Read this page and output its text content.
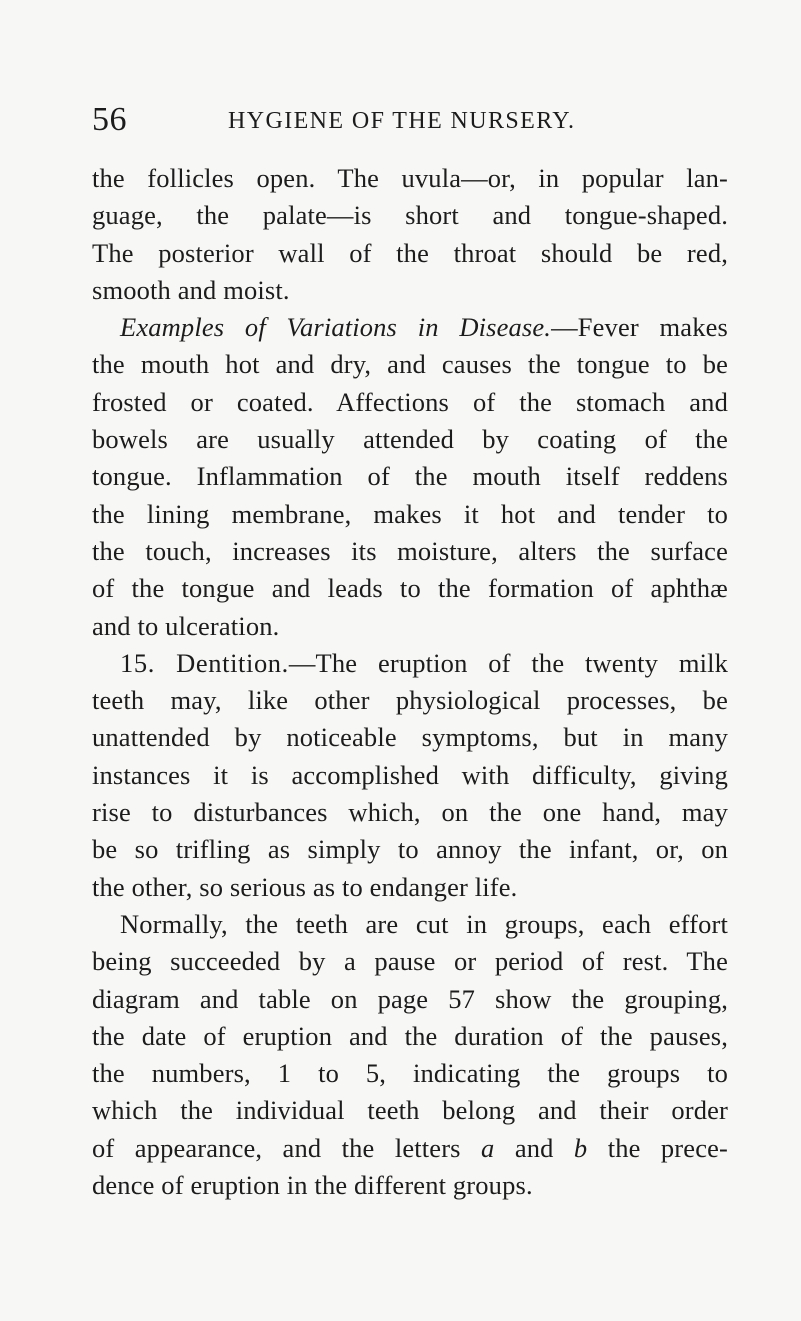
56	HYGIENE OF THE NURSERY.
the follicles open. The uvula—or, in popular lan-
guage, the palate—is short and tongue-shaped.
The posterior wall of the throat should be red,
smooth and moist.
Examples of Variations in Disease.—Fever makes
the mouth hot and dry, and causes the tongue to be
frosted or coated. Affections of the stomach and
bowels are usually attended by coating of the
tongue. Inflammation of the mouth itself reddens
the lining membrane, makes it hot and tender to
the touch, increases its moisture, alters the surface
of the tongue and leads to the formation of aphthæ
and to ulceration.
15. Dentition.—The eruption of the twenty milk
teeth may, like other physiological processes, be
unattended by noticeable symptoms, but in many
instances it is accomplished with difficulty, giving
rise to disturbances which, on the one hand, may
be so trifling as simply to annoy the infant, or, on
the other, so serious as to endanger life.
Normally, the teeth are cut in groups, each effort
being succeeded by a pause or period of rest. The
diagram and table on page 57 show the grouping,
the date of eruption and the duration of the pauses,
the numbers, 1 to 5, indicating the groups to
which the individual teeth belong and their order
of appearance, and the letters a and b the prece-
dence of eruption in the different groups.
